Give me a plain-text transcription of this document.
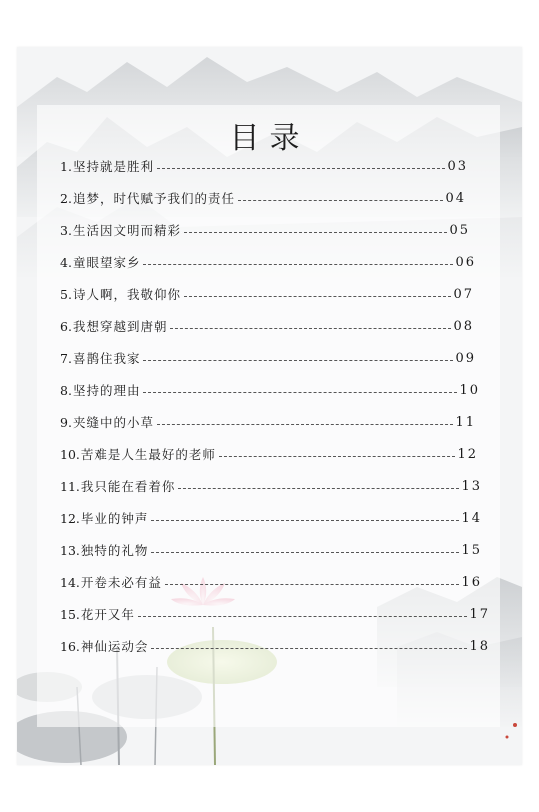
目录
1. 坚持就是胜利	03
2. 追梦，时代赋予我们的责任	04
3. 生活因文明而精彩	05
4. 童眼望家乡	06
5. 诗人啊，我敬仰你	07
6. 我想穿越到唐朝	08
7. 喜鹊住我家	09
8. 坚持的理由	10
9. 夹缝中的小草	11
10. 苦难是人生最好的老师	12
11. 我只能在看着你	13
12. 毕业的钟声	14
13. 独特的礼物	15
14. 开卷未必有益	16
15. 花开又年	17
16. 神仙运动会	18
